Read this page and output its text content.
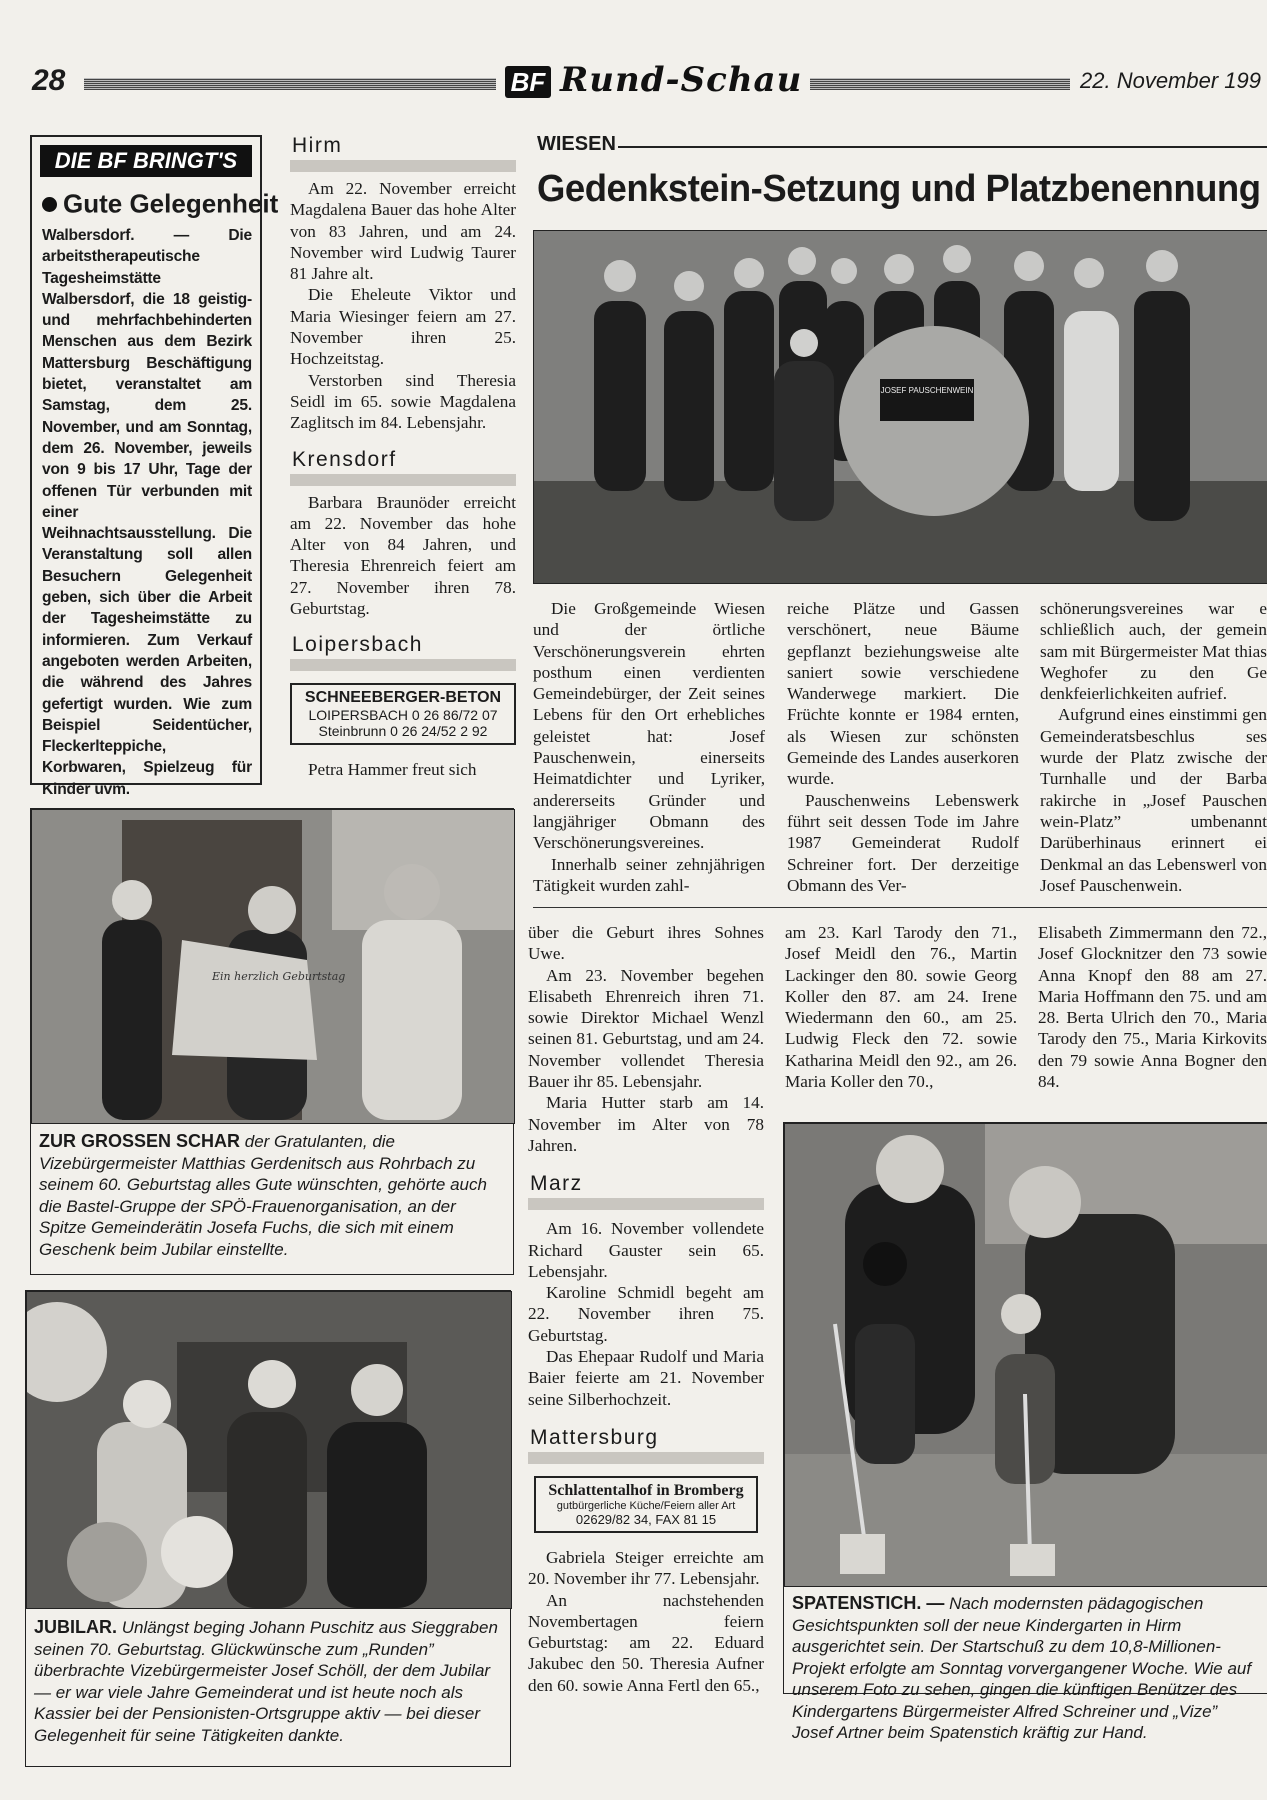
28	BF Rund-Schau	22. November 199
DIE BF BRINGT'S
Gute Gelegenheit
Walbersdorf. — Die arbeitstherapeutische Tagesheimstätte Walbersdorf, die 18 geistig- und mehrfachbehinderten Menschen aus dem Bezirk Mattersburg Beschäftigung bietet, veranstaltet am Samstag, dem 25. November, und am Sonntag, dem 26. November, jeweils von 9 bis 17 Uhr, Tage der offenen Tür verbunden mit einer Weihnachtsausstellung. Die Veranstaltung soll allen Besuchern Gelegenheit geben, sich über die Arbeit der Tagesheimstätte zu informieren. Zum Verkauf angeboten werden Arbeiten, die während des Jahres gefertigt wurden. Wie zum Beispiel Seidentücher, Fleckerlteppiche, Korbwaren, Spielzeug für Kinder uvm.
Hirm

Am 22. November erreicht Magdalena Bauer das hohe Alter von 83 Jahren, und am 24. November wird Ludwig Taurer 81 Jahre alt.

Die Eheleute Viktor und Maria Wiesinger feiern am 27. November ihren 25. Hochzeitstag.

Verstorben sind Theresia Seidl im 65. sowie Magdalena Zaglitsch im 84. Lebensjahr.

Krensdorf

Barbara Braunöder erreicht am 22. November das hohe Alter von 84 Jahren, und Theresia Ehrenreich feiert am 27. November ihren 78. Geburtstag.

Loipersbach
SCHNEEBERGER-BETON
LOIPERSBACH 0 26 86/72 07
Steinbrunn 0 26 24/52 2 92

Petra Hammer freut sich

WIESEN
Gedenkstein-Setzung und Platzbenennung
JOSEF PAUSCHENWEIN

Die Großgemeinde Wiesen und der örtliche Verschönerungsverein ehrten posthum einen verdienten Gemeindebürger, der Zeit seines Lebens für den Ort erhebliches geleistet hat: Josef Pauschenwein, einerseits Heimatdichter und Lyriker, andererseits Gründer und langjähriger Obmann des Verschönerungsvereines.

Innerhalb seiner zehnjährigen Tätigkeit wurden zahl-

reiche Plätze und Gassen verschönert, neue Bäume gepflanzt beziehungsweise alte saniert sowie verschiedene Wanderwege markiert. Die Früchte konnte er 1984 ernten, als Wiesen zur schönsten Gemeinde des Landes auserkoren wurde.

Pauschenweins Lebenswerk führt seit dessen Tode im Jahre 1987 Gemeinderat Rudolf Schreiner fort. Der derzeitige Obmann des Ver-

schönerungsvereines war e schließlich auch, der gemein sam mit Bürgermeister Mat thias Weghofer zu den Ge denkfeierlichkeiten aufrief.

Aufgrund eines einstimmi gen Gemeinderatsbeschlus ses wurde der Platz zwische der Turnhalle und der Barba rakirche in „Josef Pauschen wein-Platz” umbenannt Darüberhinaus erinnert ei Denkmal an das Lebenswerl von Josef Pauschenwein.

über die Geburt ihres Sohnes Uwe.

Am 23. November begehen Elisabeth Ehrenreich ihren 71. sowie Direktor Michael Wenzl seinen 81. Geburtstag, und am 24. November vollendet Theresia Bauer ihr 85. Lebensjahr.

Maria Hutter starb am 14. November im Alter von 78 Jahren.

Marz

Am 16. November vollendete Richard Gauster sein 65. Lebensjahr.

Karoline Schmidl begeht am 22. November ihren 75. Geburtstag.

Das Ehepaar Rudolf und Maria Baier feierte am 21. November seine Silberhochzeit.

Mattersburg
Schlattentalhof in Bromberg
gutbürgerliche Küche/Feiern aller Art
02629/82 34, FAX 81 15

Gabriela Steiger erreichte am 20. November ihr 77. Lebensjahr.

An nachstehenden Novembertagen feiern Geburtstag: am 22. Eduard Jakubec den 50. Theresia Aufner den 60. sowie Anna Fertl den 65.,

am 23. Karl Tarody den 71., Josef Meidl den 76., Martin Lackinger den 80. sowie Georg Koller den 87. am 24. Irene Wiedermann den 60., am 25. Ludwig Fleck den 72. sowie Katharina Meidl den 92., am 26. Maria Koller den 70.,
Elisabeth Zimmermann den 72., Josef Glocknitzer den 73 sowie Anna Knopf den 88 am 27. Maria Hoffmann den 75. und am 28. Berta Ulrich den 70., Maria Tarody den 75., Maria Kirkovits den 79 sowie Anna Bogner den 84.
Ein herzlich Geburtstag
ZUR GROSSEN SCHAR der Gratulanten, die Vizebürgermeister Matthias Gerdenitsch aus Rohrbach zu seinem 60. Geburtstag alles Gute wünschten, gehörte auch die Bastel-Gruppe der SPÖ-Frauenorganisation, an der Spitze Gemeinderätin Josefa Fuchs, die sich mit einem Geschenk beim Jubilar einstellte.
JUBILAR. Unlängst beging Johann Puschitz aus Sieggraben seinen 70. Geburtstag. Glückwünsche zum „Runden” überbrachte Vizebürgermeister Josef Schöll, der dem Jubilar — er war viele Jahre Gemeinderat und ist heute noch als Kassier bei der Pensionisten-Ortsgruppe aktiv — bei dieser Gelegenheit für seine Tätigkeiten dankte.
SPATENSTICH. — Nach modernsten pädagogischen Gesichtspunkten soll der neue Kindergarten in Hirm ausgerichtet sein. Der Startschuß zu dem 10,8-Millionen-Projekt erfolgte am Sonntag vorvergangener Woche. Wie auf unserem Foto zu sehen, gingen die künftigen Benützer des Kindergartens Bürgermeister Alfred Schreiner und „Vize” Josef Artner beim Spatenstich kräftig zur Hand.
